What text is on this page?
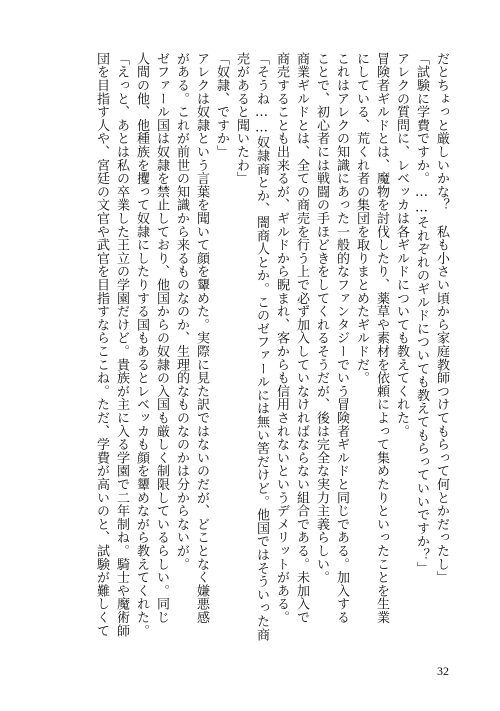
だとちょっと厳しいかな？　私も小さい頃から家庭教師つけてもらって何とかだったし」
「試験に学費ですか。……それぞれのギルドについても教えてもらっていいですか？」
アレクの質問に、レベッカは各ギルドについても教えてくれた。
冒険者ギルドとは、魔物を討伐したり、薬草や素材を依頼によって集めたりといったことを生業
にしている、荒くれ者の集団を取りまとめたギルドだ。
これはアレクの知識にあった一般的なファンタジーでいう冒険者ギルドと同じである。加入する
ことで、初心者には戦闘の手ほどきをしてくれるそうだが、後は完全な実力主義らしい。
商業ギルドとは、全ての商売を行う上で必ず加入していなければならない組合である。未加入で
商売することも出来るが、ギルドから睨まれ、客からも信用されないというデメリットがある。
「そうね……奴隷商とか、闇商人とか。このゼファールには無い筈だけど。他国ではそういった商
売があると聞いたわ」
「奴隷、ですか」
アレクは奴隷という言葉を聞いて顔を顰めた。実際に見た訳ではないのだが、どことなく嫌悪感
がある。これが前世の知識から来るものなのか、生理的なものなのかは分からないが。
ゼファール国は奴隷を禁止しており、他国からの奴隷の入国も厳しく制限しているらしい。同じ
人間の他、他種族を攫って奴隷にしたりする国もあるとレベッカも顔を顰めながら教えてくれた。
「えっと、あとは私の卒業した王立の学園だけど。貴族が主に入る学園で二年制ね。騎士や魔術師
団を目指す人や、宮廷の文官や武官を目指すならここね。ただ、学費が高いのと、試験が難しくて
32
